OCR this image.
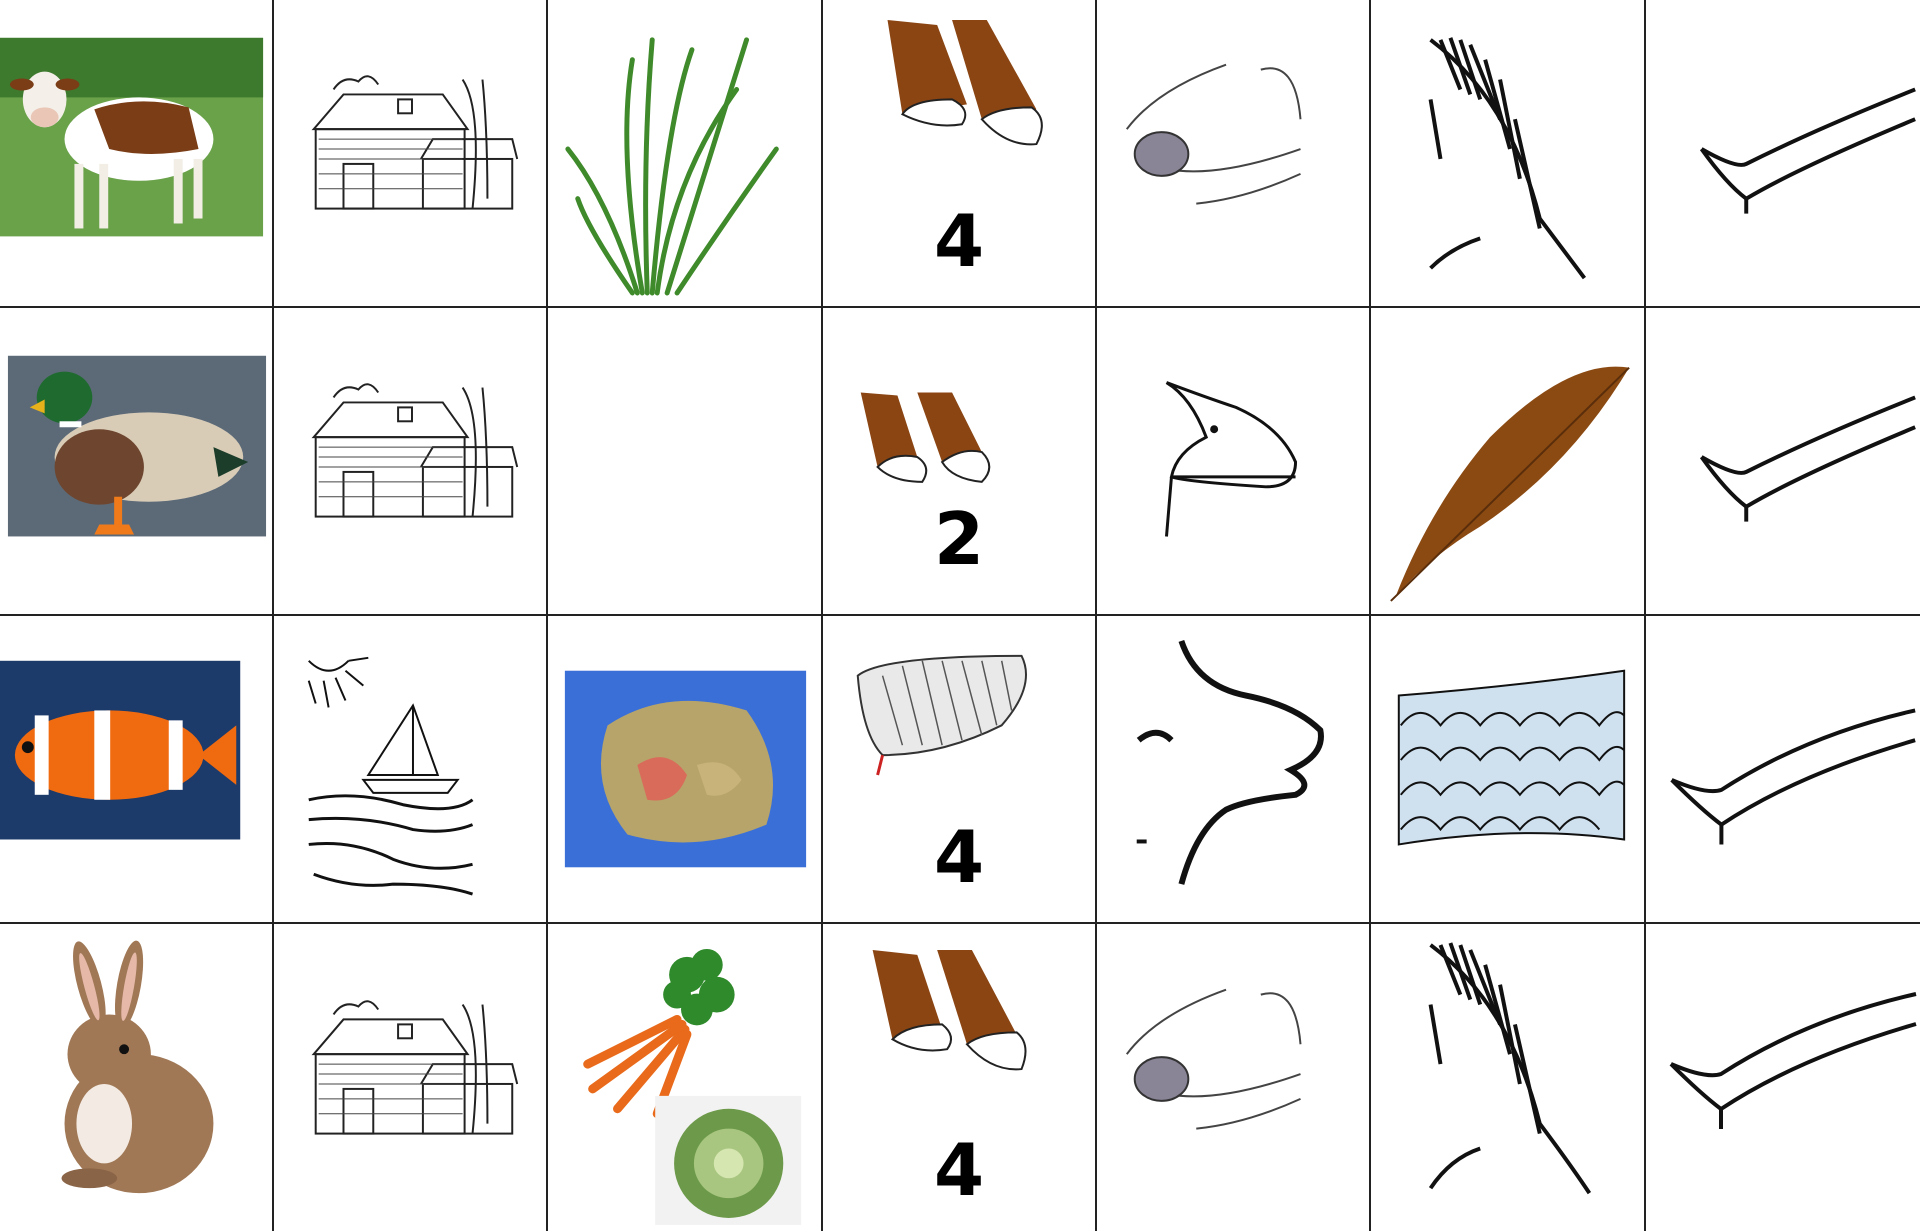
4
2
4
4
